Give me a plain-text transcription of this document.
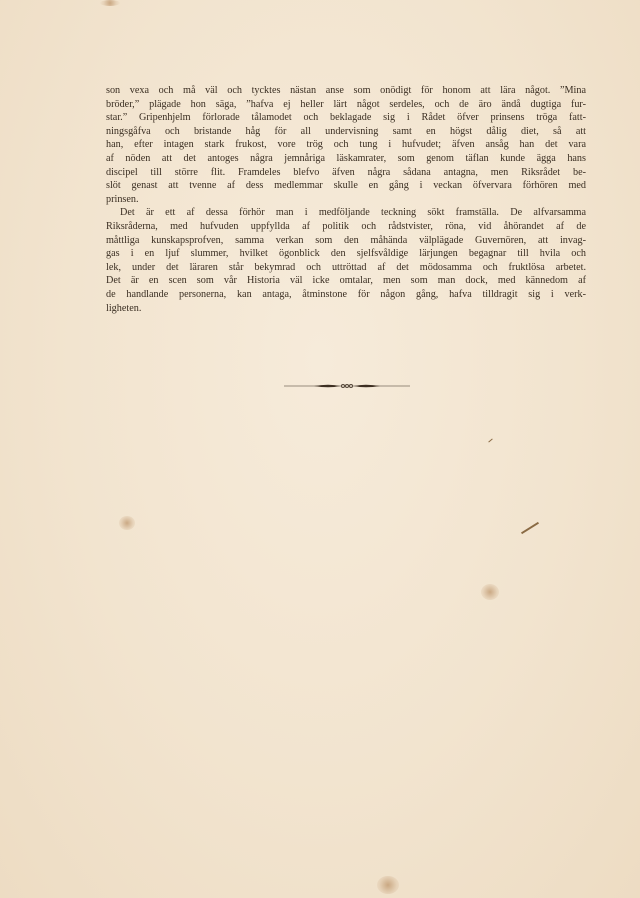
son vexa och må väl och tycktes nästan anse som onödigt för honom att lära något. ”Mina
bröder,” plägade hon säga, ”hafva ej heller lärt något serdeles, och de äro ändå dugtiga fur-
star.” Gripenhjelm förlorade tålamodet och beklagade sig i Rådet öfver prinsens tröga fatt-
ningsgåfva och bristande håg för all undervisning samt en högst dålig diet, så att
han, efter intagen stark frukost, vore trög och tung i hufvudet; äfven ansåg han det vara
af nöden att det antoges några jemnåriga läskamrater, som genom täflan kunde ägga hans
discipel till större flit. Framdeles blefvo äfven några sådana antagna, men Riksrådet be-
slöt genast att tvenne af dess medlemmar skulle en gång i veckan öfvervara förhören med
prinsen.
Det är ett af dessa förhör man i medföljande teckning sökt framställa. De alfvarsamma
Riksråderna, med hufvuden uppfyllda af politik och rådstvister, röna, vid åhörandet af de
måttliga kunskapsprofven, samma verkan som den måhända välplägade Guvernören, att invag-
gas i en ljuf slummer, hvilket ögonblick den sjelfsvåldige lärjungen begagnar till hvila och
lek, under det läraren står bekymrad och uttröttad af det mödosamma och fruktlösa arbetet.
Det är en scen som vår Historia väl icke omtalar, men som man dock, med kännedom af
de handlande personerna, kan antaga, åtminstone för någon gång, hafva tilldragit sig i verk-
ligheten.
